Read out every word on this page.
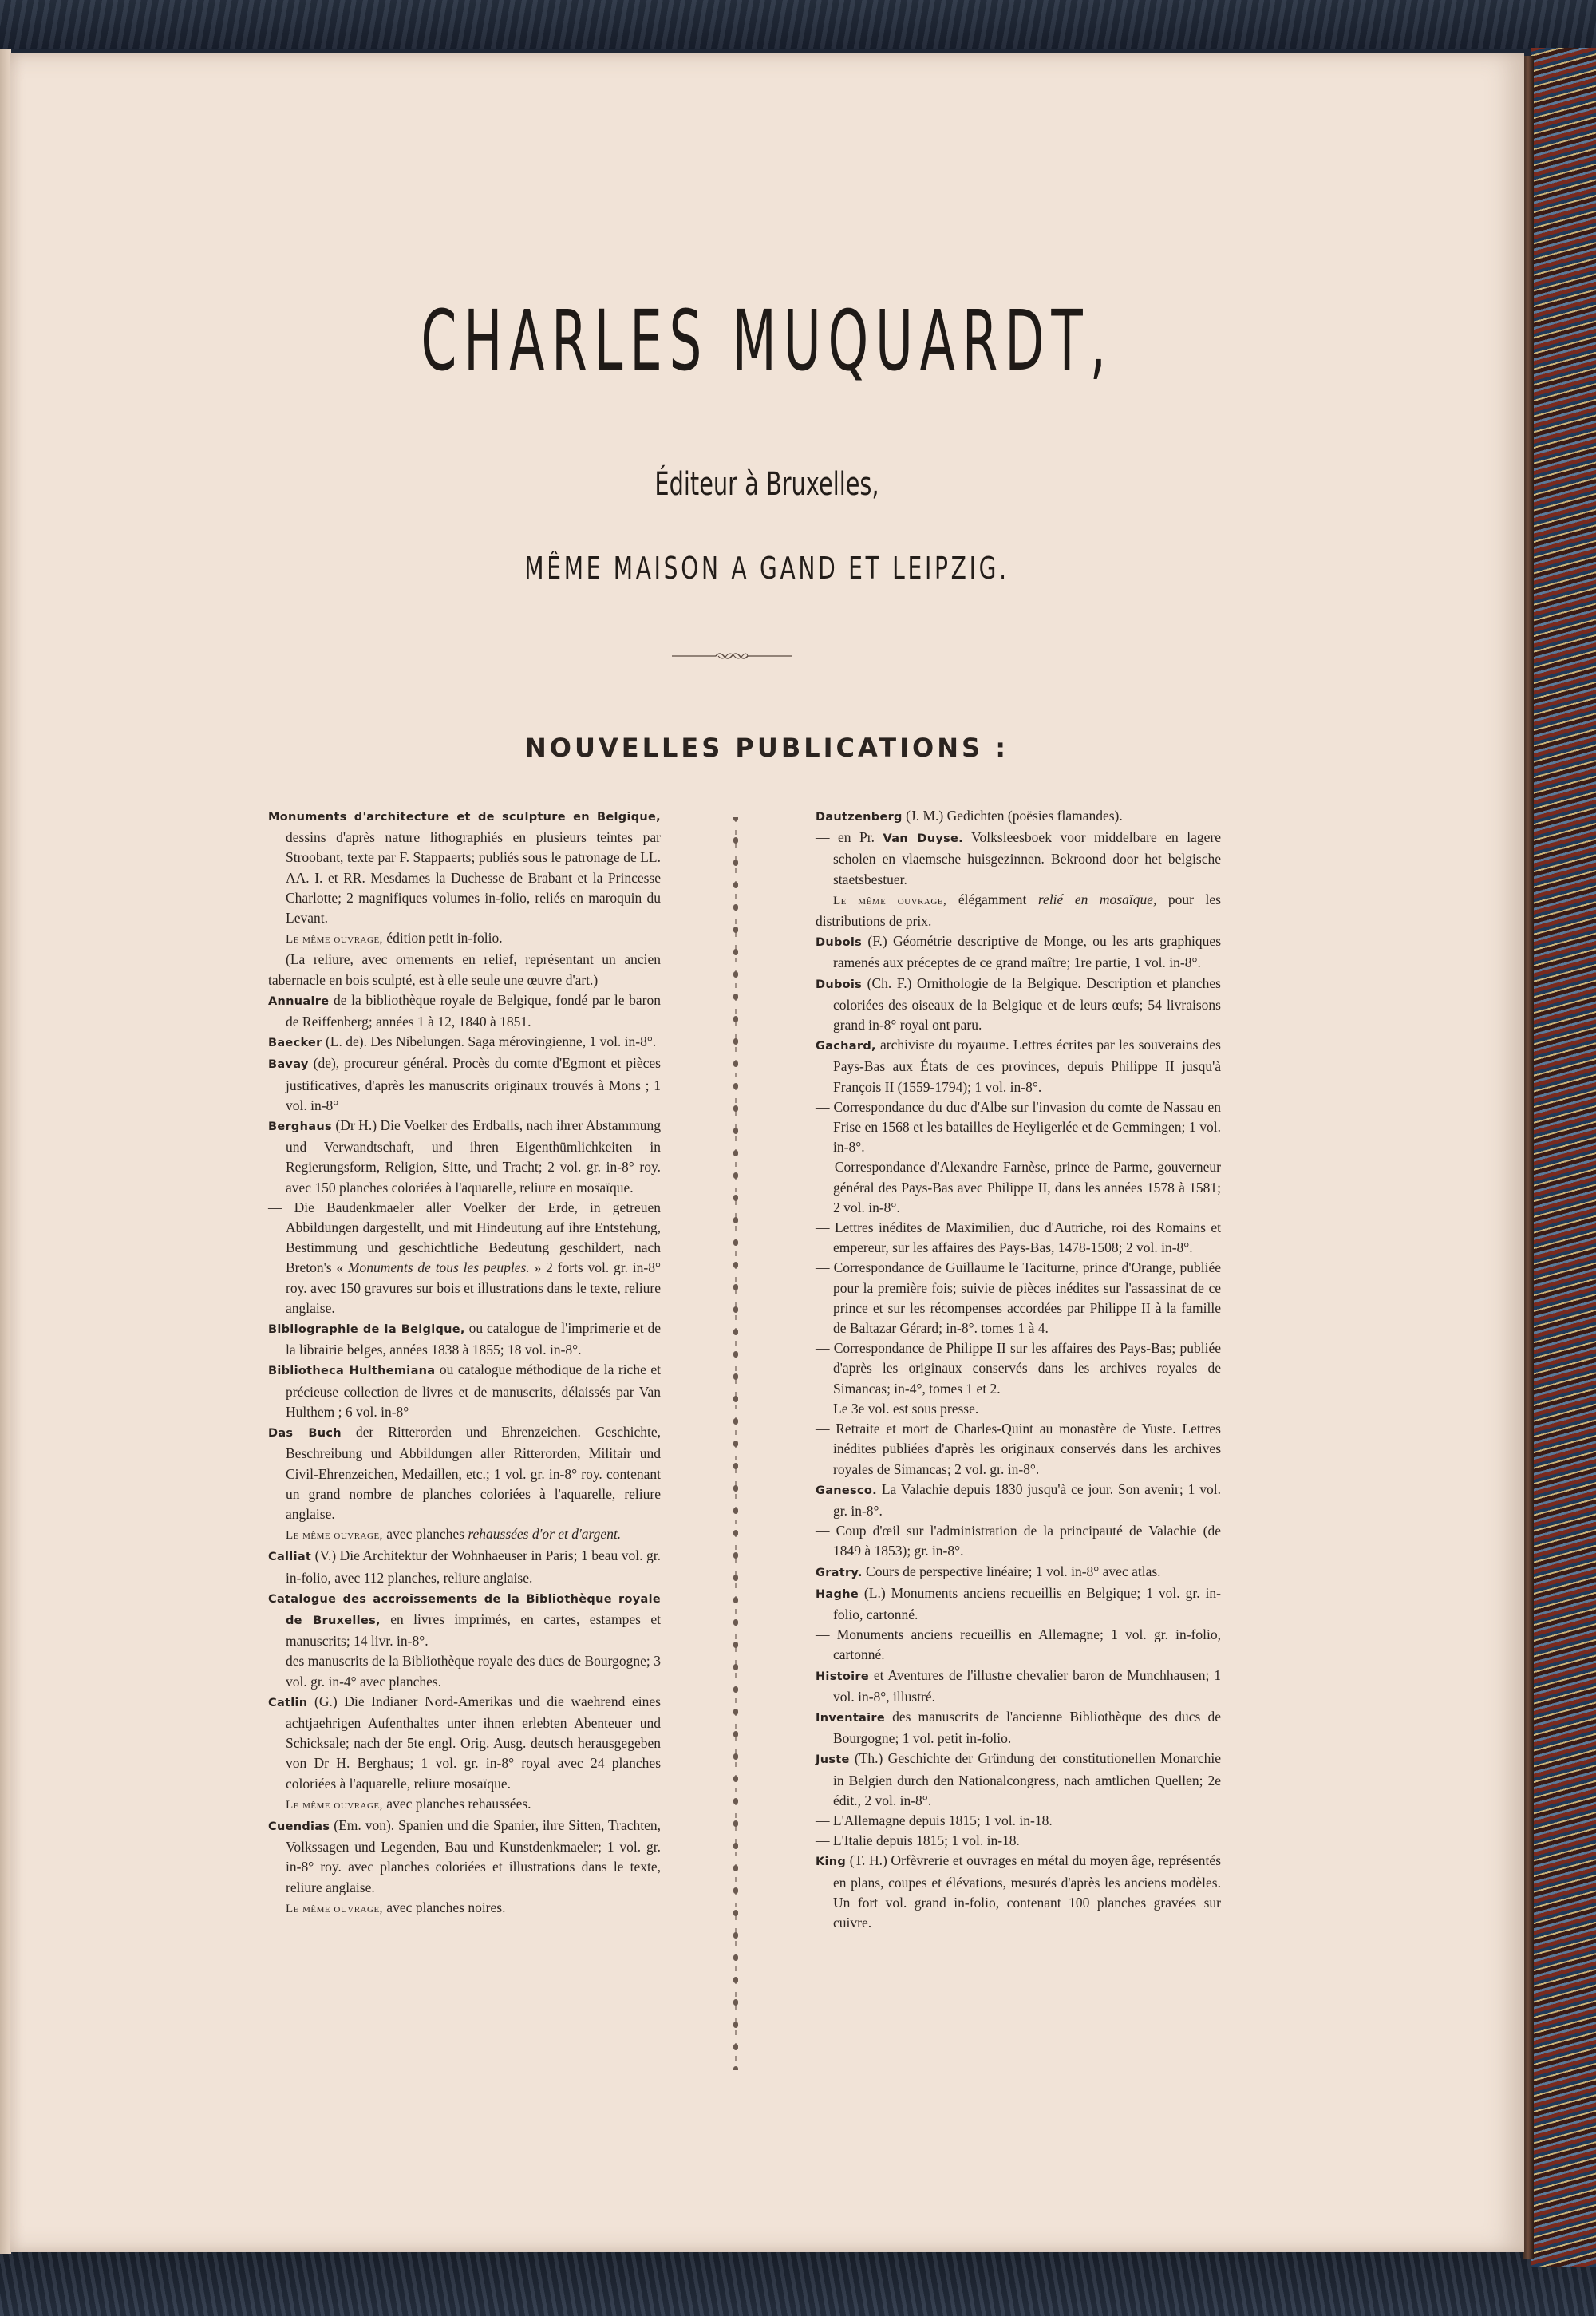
CHARLES MUQUARDT,
Éditeur à Bruxelles,
MÊME MAISON A GAND ET LEIPZIG.
NOUVELLES PUBLICATIONS :

Monuments d'architecture et de sculpture en Belgique, dessins d'après nature lithographiés en plusieurs teintes par Stroobant, texte par F. Stappaerts; publiés sous le patronage de LL. AA. I. et RR. Mesdames la Duchesse de Brabant et la Princesse Charlotte; 2 magnifiques volumes in-folio, reliés en maroquin du Levant.

Le même ouvrage, édition petit in-folio.

(La reliure, avec ornements en relief, représentant un ancien tabernacle en bois sculpté, est à elle seule une œuvre d'art.)

Annuaire de la bibliothèque royale de Belgique, fondé par le baron de Reiffenberg; années 1 à 12, 1840 à 1851.

Baecker (L. de). Des Nibelungen. Saga mérovingienne, 1 vol. in-8°.

Bavay (de), procureur général. Procès du comte d'Egmont et pièces justificatives, d'après les manuscrits originaux trouvés à Mons ; 1 vol. in-8°

Berghaus (Dr H.) Die Voelker des Erdballs, nach ihrer Abstammung und Verwandtschaft, und ihren Eigenthümlichkeiten in Regierungsform, Religion, Sitte, und Tracht; 2 vol. gr. in-8° roy. avec 150 planches coloriées à l'aquarelle, reliure en mosaïque.

— Die Baudenkmaeler aller Voelker der Erde, in getreuen Abbildungen dargestellt, und mit Hindeutung auf ihre Entstehung, Bestimmung und geschichtliche Bedeutung geschildert, nach Breton's « Monuments de tous les peuples. » 2 forts vol. gr. in-8° roy. avec 150 gravures sur bois et illustrations dans le texte, reliure anglaise.

Bibliographie de la Belgique, ou catalogue de l'imprimerie et de la librairie belges, années 1838 à 1855; 18 vol. in-8°.

Bibliotheca Hulthemiana ou catalogue méthodique de la riche et précieuse collection de livres et de manuscrits, délaissés par Van Hulthem ; 6 vol. in-8°

Das Buch der Ritterorden und Ehrenzeichen. Geschichte, Beschreibung und Abbildungen aller Ritterorden, Militair und Civil-Ehrenzeichen, Medaillen, etc.; 1 vol. gr. in-8° roy. contenant un grand nombre de planches coloriées à l'aquarelle, reliure anglaise.

Le même ouvrage, avec planches rehaussées d'or et d'argent.

Calliat (V.) Die Architektur der Wohnhaeuser in Paris; 1 beau vol. gr. in-folio, avec 112 planches, reliure anglaise.

Catalogue des accroissements de la Bibliothèque royale de Bruxelles, en livres imprimés, en cartes, estampes et manuscrits; 14 livr. in-8°.

— des manuscrits de la Bibliothèque royale des ducs de Bourgogne; 3 vol. gr. in-4° avec planches.

Catlin (G.) Die Indianer Nord-Amerikas und die waehrend eines achtjaehrigen Aufenthaltes unter ihnen erlebten Abenteuer und Schicksale; nach der 5te engl. Orig. Ausg. deutsch herausgegeben von Dr H. Berghaus; 1 vol. gr. in-8° royal avec 24 planches coloriées à l'aquarelle, reliure mosaïque.

Le même ouvrage, avec planches rehaussées.

Cuendias (Em. von). Spanien und die Spanier, ihre Sitten, Trachten, Volkssagen und Legenden, Bau und Kunstdenkmaeler; 1 vol. gr. in-8° roy. avec planches coloriées et illustrations dans le texte, reliure anglaise.

Le même ouvrage, avec planches noires.

Dautzenberg (J. M.) Gedichten (poësies flamandes).

— en Pr. Van Duyse. Volksleesboek voor middelbare en lagere scholen en vlaemsche huisgezinnen. Bekroond door het belgische staetsbestuer.

Le même ouvrage, élégamment relié en mosaïque, pour les distributions de prix.

Dubois (F.) Géométrie descriptive de Monge, ou les arts graphiques ramenés aux préceptes de ce grand maître; 1re partie, 1 vol. in-8°.

Dubois (Ch. F.) Ornithologie de la Belgique. Description et planches coloriées des oiseaux de la Belgique et de leurs œufs; 54 livraisons grand in-8° royal ont paru.

Gachard, archiviste du royaume. Lettres écrites par les souverains des Pays-Bas aux États de ces provinces, depuis Philippe II jusqu'à François II (1559-1794); 1 vol. in-8°.

— Correspondance du duc d'Albe sur l'invasion du comte de Nassau en Frise en 1568 et les batailles de Heyligerlée et de Gemmingen; 1 vol. in-8°.

— Correspondance d'Alexandre Farnèse, prince de Parme, gouverneur général des Pays-Bas avec Philippe II, dans les années 1578 à 1581; 2 vol. in-8°.

— Lettres inédites de Maximilien, duc d'Autriche, roi des Romains et empereur, sur les affaires des Pays-Bas, 1478-1508; 2 vol. in-8°.

— Correspondance de Guillaume le Taciturne, prince d'Orange, publiée pour la première fois; suivie de pièces inédites sur l'assassinat de ce prince et sur les récompenses accordées par Philippe II à la famille de Baltazar Gérard; in-8°. tomes 1 à 4.

— Correspondance de Philippe II sur les affaires des Pays-Bas; publiée d'après les originaux conservés dans les archives royales de Simancas; in-4°, tomes 1 et 2.

Le 3e vol. est sous presse.

— Retraite et mort de Charles-Quint au monastère de Yuste. Lettres inédites publiées d'après les originaux conservés dans les archives royales de Simancas; 2 vol. gr. in-8°.

Ganesco. La Valachie depuis 1830 jusqu'à ce jour. Son avenir; 1 vol. gr. in-8°.

— Coup d'œil sur l'administration de la principauté de Valachie (de 1849 à 1853); gr. in-8°.

Gratry. Cours de perspective linéaire; 1 vol. in-8° avec atlas.

Haghe (L.) Monuments anciens recueillis en Belgique; 1 vol. gr. in-folio, cartonné.

— Monuments anciens recueillis en Allemagne; 1 vol. gr. in-folio, cartonné.

Histoire et Aventures de l'illustre chevalier baron de Munchhausen; 1 vol. in-8°, illustré.

Inventaire des manuscrits de l'ancienne Bibliothèque des ducs de Bourgogne; 1 vol. petit in-folio.

Juste (Th.) Geschichte der Gründung der constitutionellen Monarchie in Belgien durch den Nationalcongress, nach amtlichen Quellen; 2e édit., 2 vol. in-8°.

— L'Allemagne depuis 1815; 1 vol. in-18.

— L'Italie depuis 1815; 1 vol. in-18.

King (T. H.) Orfèvrerie et ouvrages en métal du moyen âge, représentés en plans, coupes et élévations, mesurés d'après les anciens modèles. Un fort vol. grand in-folio, contenant 100 planches gravées sur cuivre.
